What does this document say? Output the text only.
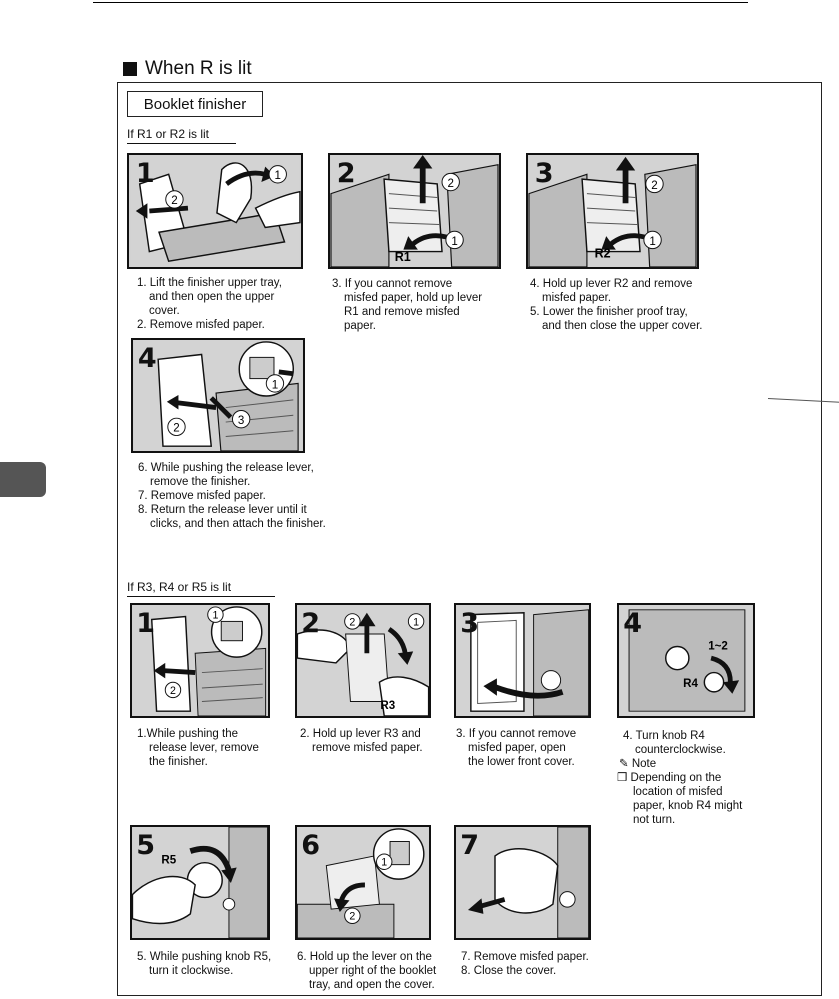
When R is lit
Booklet finisher
If R1 or R2 is lit
1	1
2
2	2
1
R1
3	2
1
R2
4
1
2
3
1. Lift the finisher upper tray,
and then open the upper
cover.
2. Remove misfed paper.
3. If you cannot remove
misfed paper, hold up lever
R1 and remove misfed
paper.
4. Hold up lever R2 and remove
misfed paper.
5. Lower the finisher proof tray,
and then close the upper cover.
6. While pushing the release lever,
remove the finisher.
7. Remove misfed paper.
8. Return the release lever until it
clicks, and then attach the finisher.
If R3, R4 or R5 is lit
1	1
2
2	2	1
R3
3	4
1~2
R4
1.While pushing the
release lever, remove
the finisher.
2. Hold up lever R3 and
remove misfed paper.
3. If you cannot remove
misfed paper, open
the lower front cover.
4. Turn knob R4
counterclockwise.
✎ Note
❒ Depending on the
location of misfed
paper, knob R4 might
not turn.
5 R5	6
1
2
7
5. While pushing knob R5,
turn it clockwise.
6. Hold up the lever on the
upper right of the booklet
tray, and open the cover.
7. Remove misfed paper.
8. Close the cover.
